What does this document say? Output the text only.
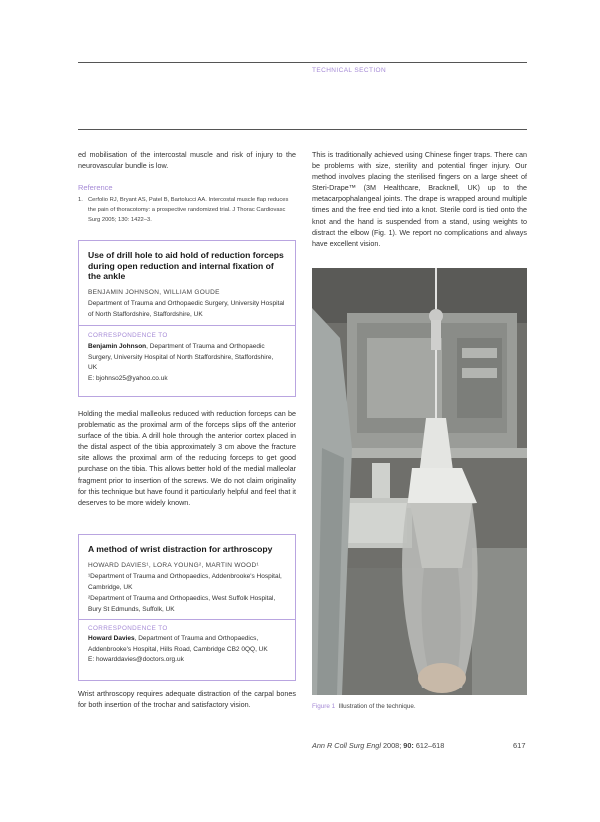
TECHNICAL SECTION
ed mobilisation of the intercostal muscle and risk of injury to the neurovascular bundle is low.
Reference
1. Cerfolio RJ, Bryant AS, Patel B, Bartolucci AA. Intercostal muscle flap reduces the pain of thoracotomy: a prospective randomized trial. J Thorac Cardiovasc Surg 2005; 130: 1422–3.
Use of drill hole to aid hold of reduction forceps during open reduction and internal fixation of the ankle
BENJAMIN JOHNSON, WILLIAM GOUDE
Department of Trauma and Orthopaedic Surgery, University Hospital of North Staffordshire, Staffordshire, UK
CORRESPONDENCE TO
Benjamin Johnson, Department of Trauma and Orthopaedic Surgery, University Hospital of North Staffordshire, Staffordshire, UK
E: bjohnso25@yahoo.co.uk
Holding the medial malleolus reduced with reduction forceps can be problematic as the proximal arm of the forceps slips off the anterior surface of the tibia. A drill hole through the anterior cortex placed in the distal aspect of the tibia approximately 3 cm above the fracture site allows the proximal arm of the reducing forceps to get good purchase on the tibia. This allows better hold of the medial malleolar fragment prior to insertion of the screws. We do not claim originality for this technique but have found it particularly helpful and feel that it deserves to be more widely known.
A method of wrist distraction for arthroscopy
HOWARD DAVIES¹, LORA YOUNG², MARTIN WOOD¹
¹Department of Trauma and Orthopaedics, Addenbrooke's Hospital, Cambridge, UK
²Department of Trauma and Orthopaedics, West Suffolk Hospital, Bury St Edmunds, Suffolk, UK
CORRESPONDENCE TO
Howard Davies, Department of Trauma and Orthopaedics, Addenbrooke's Hospital, Hills Road, Cambridge CB2 0QQ, UK
E: howarddavies@doctors.org.uk
Wrist arthroscopy requires adequate distraction of the carpal bones for both insertion of the trochar and satisfactory vision.
This is traditionally achieved using Chinese finger traps. There can be problems with size, sterility and potential finger injury. Our method involves placing the sterilised fingers on a large sheet of Steri-Drape™ (3M Healthcare, Bracknell, UK) up to the metacarpophalangeal joints. The drape is wrapped around multiple times and the free end tied into a knot. Sterile cord is tied onto the knot and the hand is suspended from a stand, using weights to distract the elbow (Fig. 1). We report no complications and always have excellent vision.
Figure 1 Illustration of the technique.
Ann R Coll Surg Engl 2008; 90: 612–618	617
